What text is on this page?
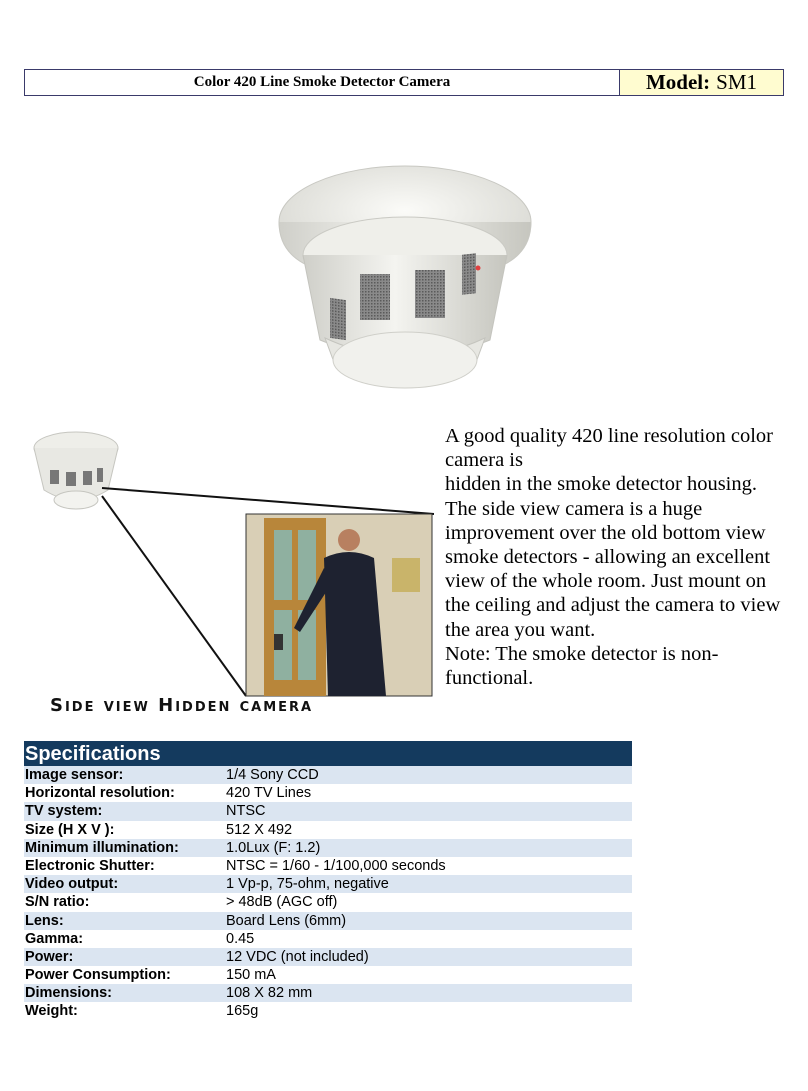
Color 420 Line Smoke Detector Camera	Model: SM1
Side view Hidden camera

A good quality 420 line resolution color camera is

hidden in the smoke detector housing. The side view camera is a huge improvement over the old bottom view smoke detectors - allowing an excellent view of the whole room. Just mount on the ceiling and adjust the camera to view the area you want.

Note: The smoke detector is non-functional.

Specifications
Image sensor:	1/4 Sony CCD
Horizontal resolution:	420 TV Lines
TV system:	NTSC
Size (H X V ):	512 X 492
Minimum illumination:	1.0Lux (F: 1.2)
Electronic Shutter:	NTSC = 1/60 - 1/100,000 seconds
Video output:	1 Vp-p, 75-ohm, negative
S/N ratio:	> 48dB (AGC off)
Lens:	Board Lens (6mm)
Gamma:	0.45
Power:	12 VDC (not included)
Power Consumption:	150 mA
Dimensions:	108 X 82 mm
Weight:	165g
